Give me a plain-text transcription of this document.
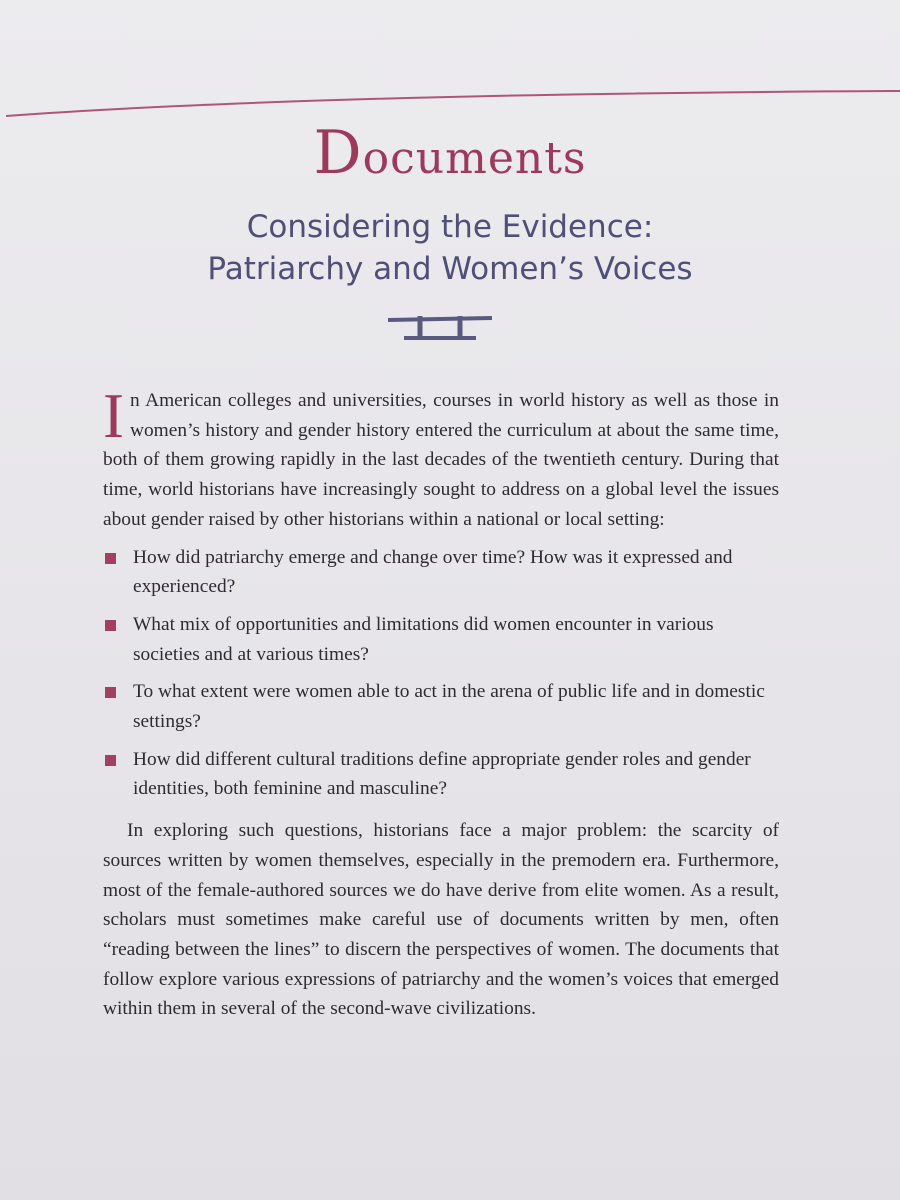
Documents
Considering the Evidence:
Patriarchy and Women’s Voices

In American colleges and universities, courses in world history as well as those in women’s history and gender history entered the curriculum at about the same time, both of them growing rapidly in the last decades of the twentieth century. During that time, world historians have increasingly sought to address on a global level the issues about gender raised by other historians within a national or local setting:

How did patriarchy emerge and change over time? How was it expressed and experienced?
What mix of opportunities and limitations did women encounter in various societies and at various times?
To what extent were women able to act in the arena of public life and in domestic settings?
How did different cultural traditions define appropriate gender roles and gender identities, both feminine and masculine?

In exploring such questions, historians face a major problem: the scarcity of sources written by women themselves, especially in the premodern era. Furthermore, most of the female-authored sources we do have derive from elite women. As a result, scholars must sometimes make careful use of documents written by men, often “reading between the lines” to discern the perspectives of women. The documents that follow explore various expressions of patriarchy and the women’s voices that emerged within them in several of the second-wave civilizations.
